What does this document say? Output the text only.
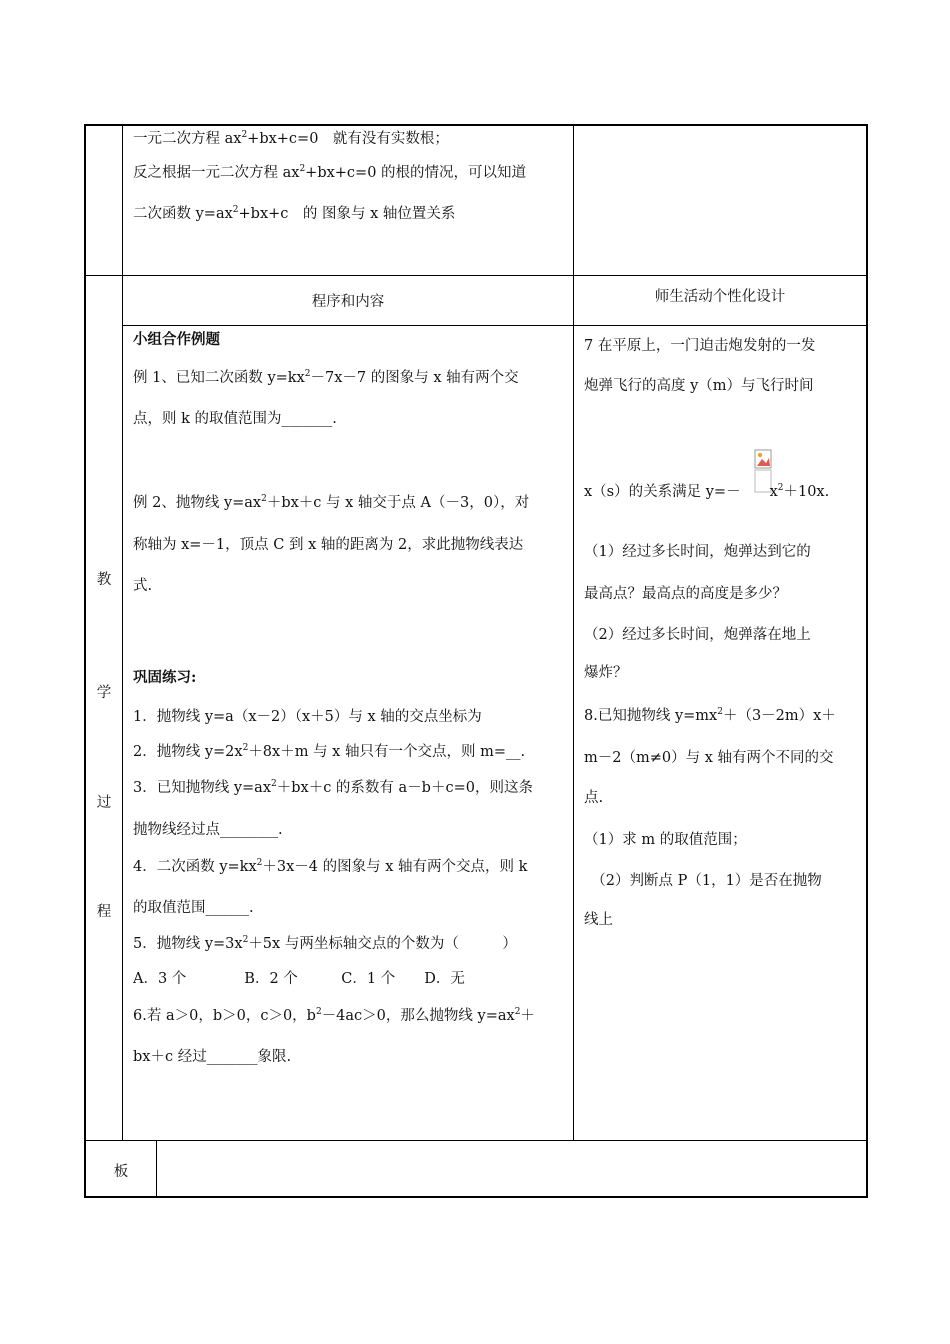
一元二次方程 $ax^2+bx+c=0$　就有没有实数根；
反之根据一元二次方程 $ax^2+bx+c=0$ 的根的情况，可以知道
二次函数 $y=ax^2+bx+c$　的 图象与 x 轴位置关系
程序和内容	师生活动个性化设计
教
学
过
程
小组合作例题
例 1、已知二次函数 $y=kx^2-7x-7$ 的图象与 x 轴有两个交
点，则 k 的取值范围为_______.
例 2、抛物线 $y=ax^2+bx+c$ 与 x 轴交于点 A（－3，0），对
称轴为 x=－1，顶点 C 到 x 轴的距离为 2，求此抛物线表达
式.
巩固练习:
1．抛物线 y=a（x－2）（x＋5）与 x 轴的交点坐标为
2．抛物线 $y=2x^2+8x+m$ 与 x 轴只有一个交点，则 m=__.
3．已知抛物线 $y=ax^2+bx+c$ 的系数有 a－b＋c=0，则这条
抛物线经过点________.
4．二次函数 $y=kx^2+3x-4$ 的图象与 x 轴有两个交点，则 k
的取值范围______.
5．抛物线 $y=3x^2+5x$ 与两坐标轴交点的个数为（　　　）
A．3 个　　　　B．2 个　　　C．1 个　　D．无
6.若 a＞0，b＞0，c＞0，$b^2-4ac>0$，那么抛物线 $y=ax^2+$
bx＋c 经过_______象限.
7 在平原上，一门迫击炮发射的一发
炮弹飞行的高度 y（m）与飞行时间
x（s）的关系满足 y=－　　$x^2+10x$.
（1）经过多长时间，炮弹达到它的
最高点？最高点的高度是多少？
（2）经过多长时间，炮弹落在地上
爆炸？
8.已知抛物线 $y=mx^2+(3-2m)x+$
m－2（m≠0）与 x 轴有两个不同的交
点.
（1）求 m 的取值范围；
　（2）判断点 P（1，1）是否在抛物
线上
板
